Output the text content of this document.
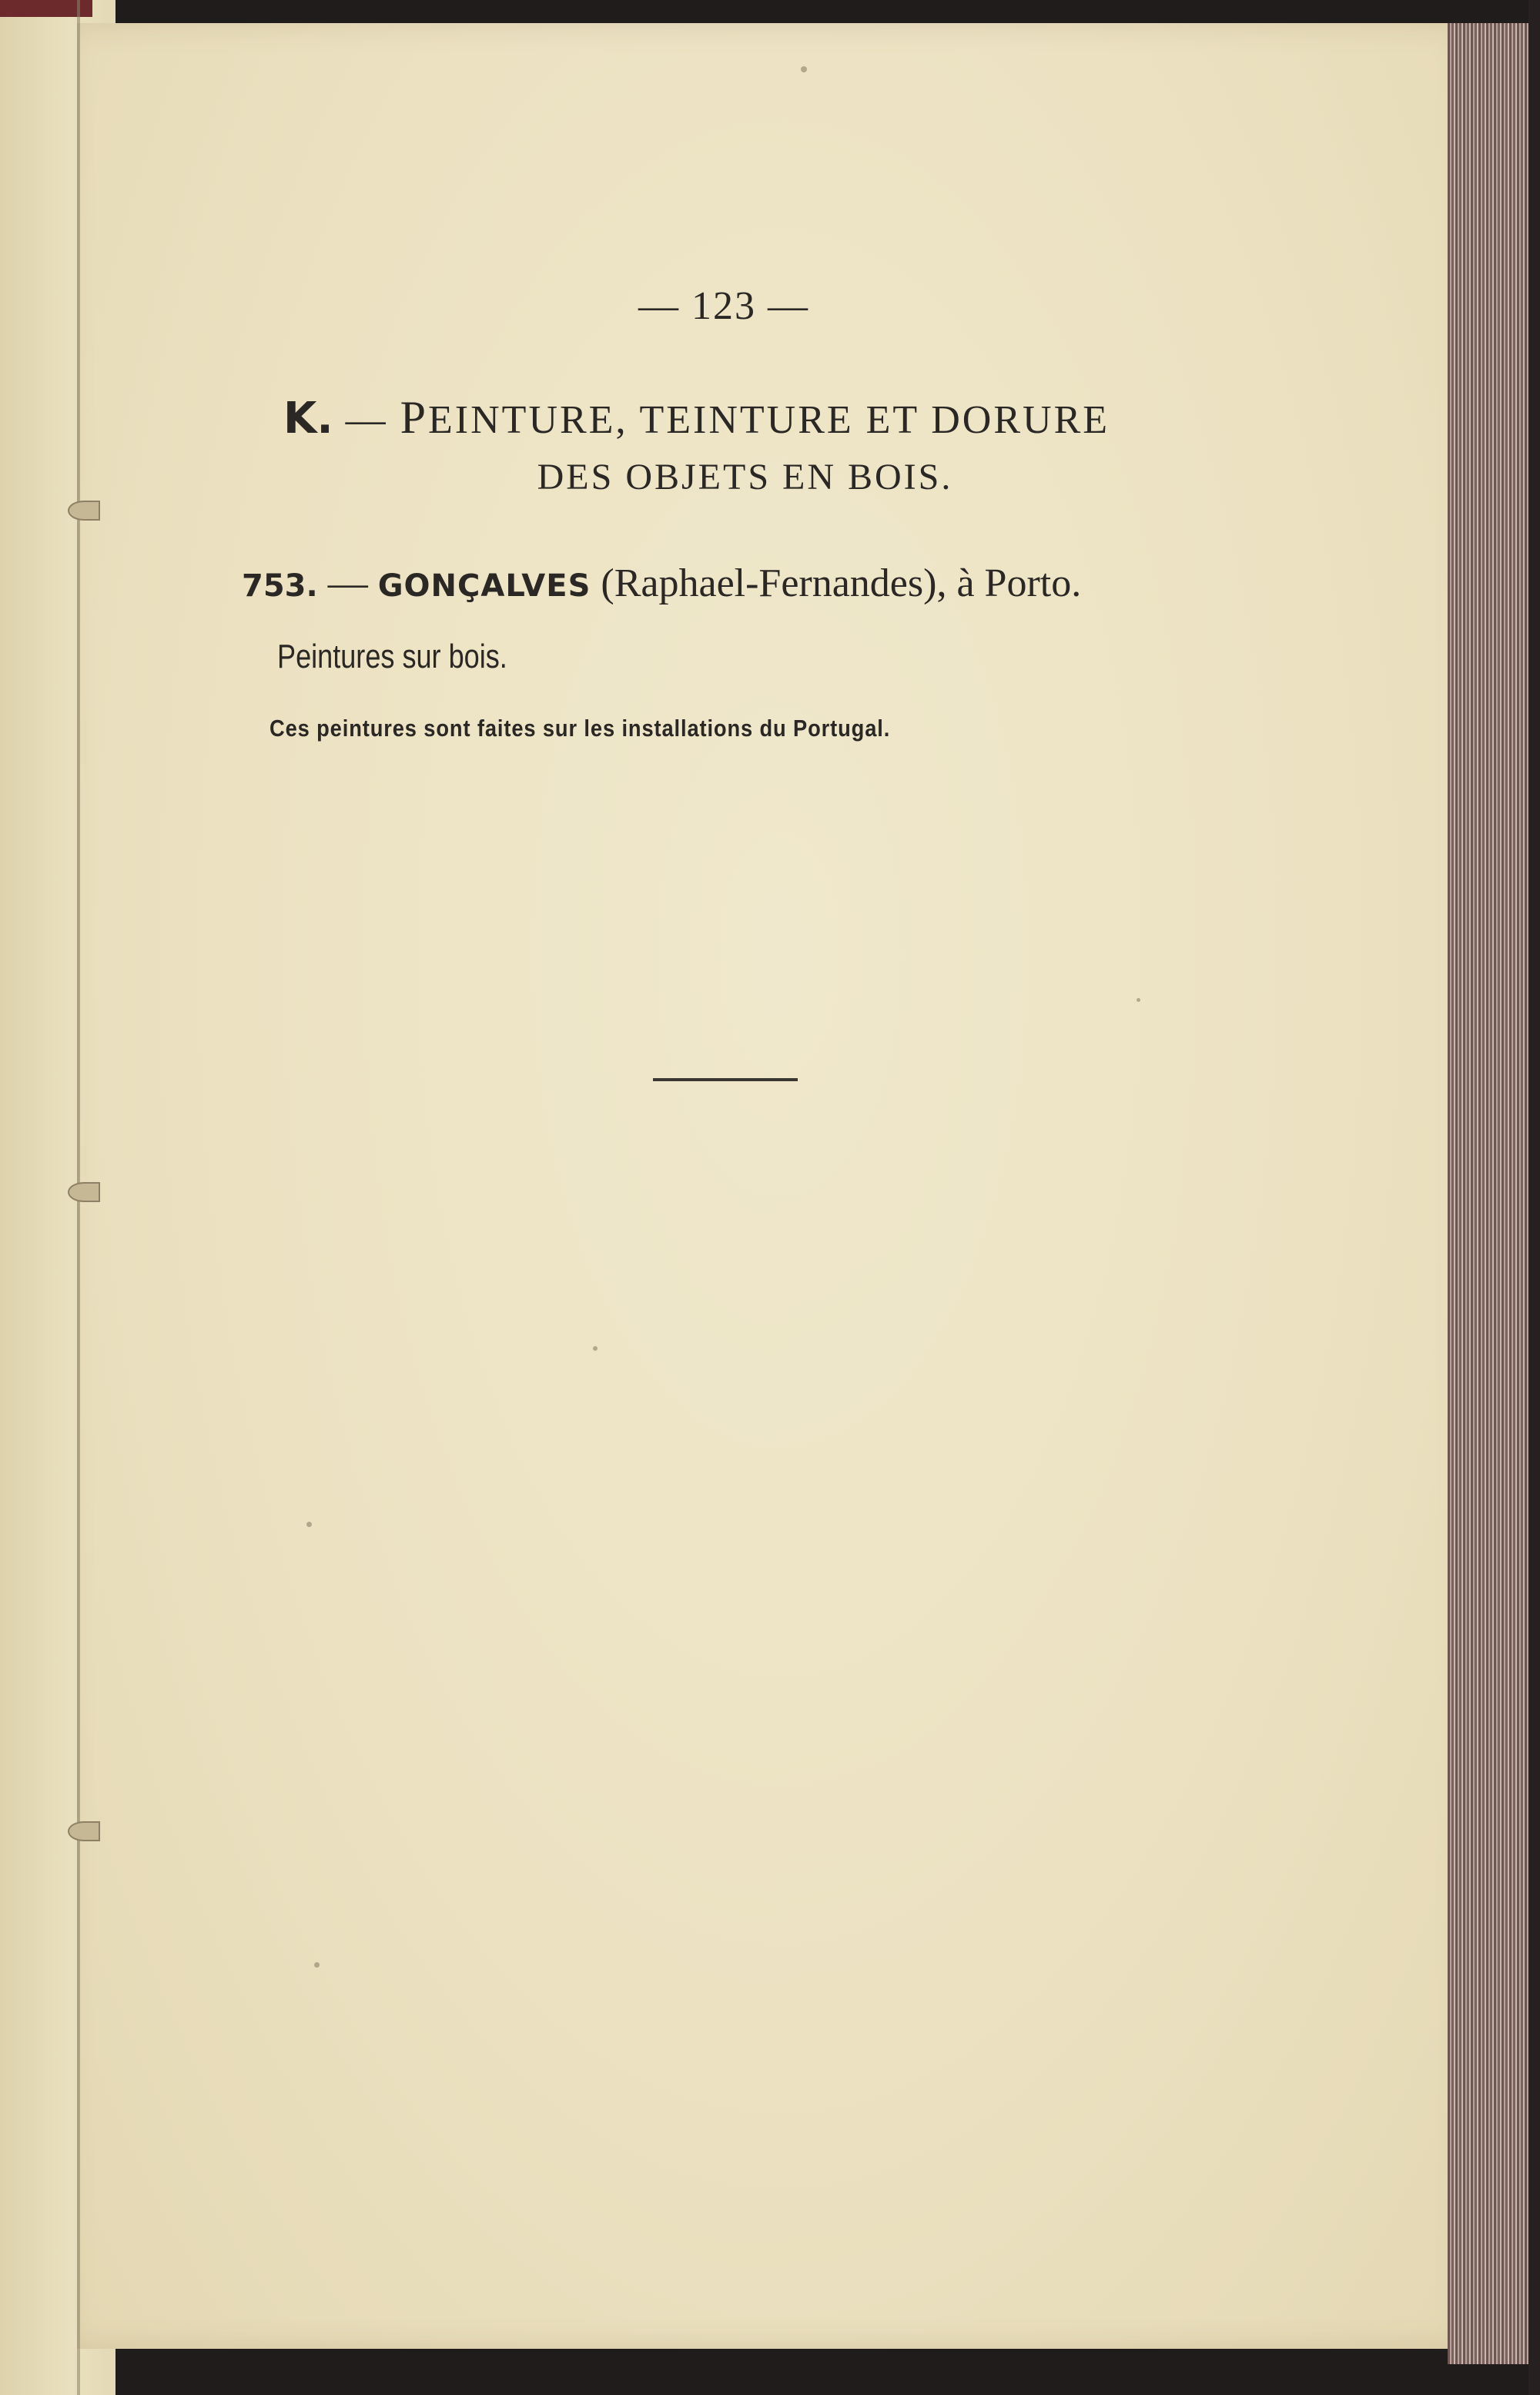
— 123 —
K. — PEINTURE, TEINTURE ET DORURE
DES OBJETS EN BOIS.
753. — GONÇALVES (Raphael-Fernandes), à Porto.
Peintures sur bois.
Ces peintures sont faites sur les installations du Portugal.
